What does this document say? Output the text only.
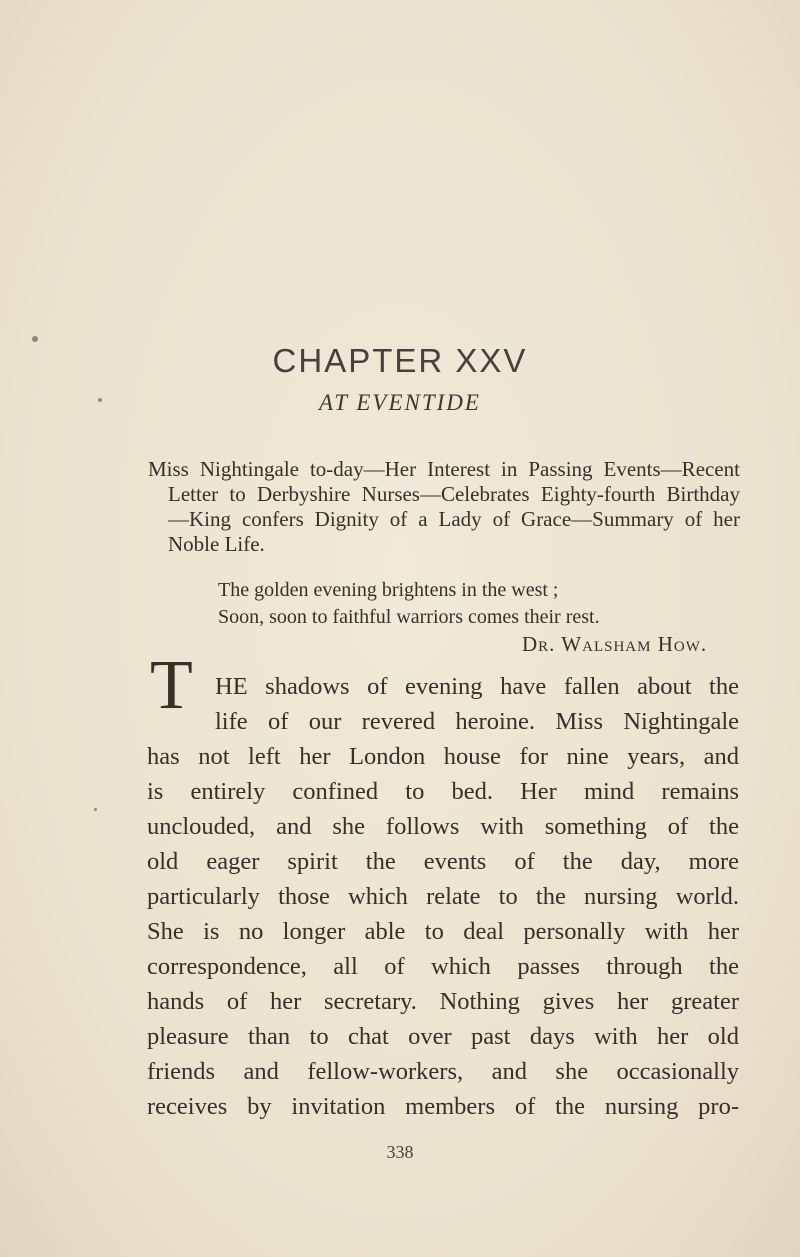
CHAPTER XXV
AT EVENTIDE
Miss Nightingale to-day—Her Interest in Passing Events—Recent
Letter to Derbyshire Nurses—Celebrates Eighty-fourth Birthday
—King confers Dignity of a Lady of Grace—Summary of her
Noble Life.
The golden evening brightens in the west ;
Soon, soon to faithful warriors comes their rest.
Dr. Walsham How.
T HE shadows of evening have fallen about the
life of our revered heroine. Miss Nightingale
has not left her London house for nine years, and
is entirely confined to bed. Her mind remains
unclouded, and she follows with something of the
old eager spirit the events of the day, more
particularly those which relate to the nursing world.
She is no longer able to deal personally with her
correspondence, all of which passes through the
hands of her secretary. Nothing gives her greater
pleasure than to chat over past days with her old
friends and fellow-workers, and she occasionally
receives by invitation members of the nursing pro-
338
